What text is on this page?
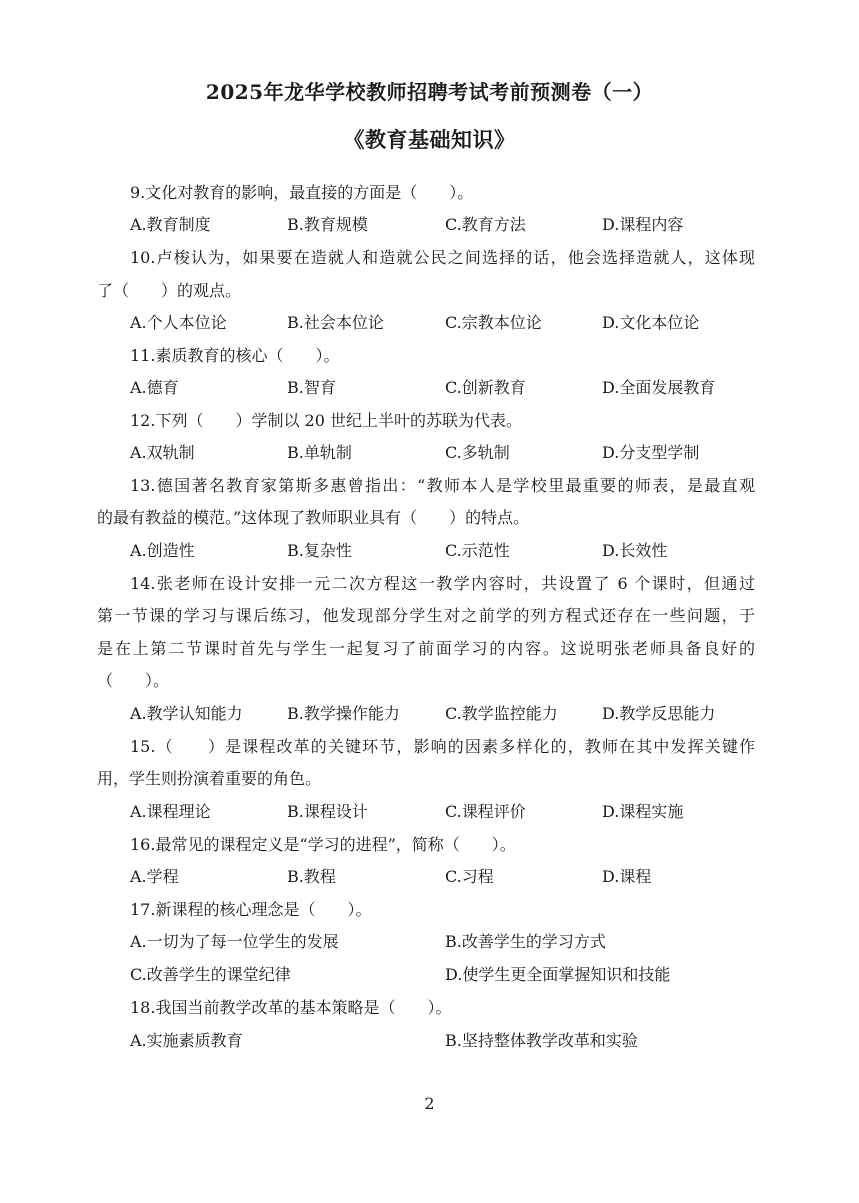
2025年龙华学校教师招聘考试考前预测卷（一）
《教育基础知识》
9.文化对教育的影响，最直接的方面是（　　）。
A.教育制度	B.教育规模	C.教育方法	D.课程内容
10.卢梭认为，如果要在造就人和造就公民之间选择的话，他会选择造就人，这体现
了（　　）的观点。
A.个人本位论	B.社会本位论	C.宗教本位论	D.文化本位论
11.素质教育的核心（　　）。
A.德育	B.智育	C.创新教育	D.全面发展教育
12.下列（　　）学制以 20 世纪上半叶的苏联为代表。
A.双轨制	B.单轨制	C.多轨制	D.分支型学制
13.德国著名教育家第斯多惠曾指出：“教师本人是学校里最重要的师表，是最直观
的最有教益的模范。”这体现了教师职业具有（　　）的特点。
A.创造性	B.复杂性	C.示范性	D.长效性
14.张老师在设计安排一元二次方程这一教学内容时，共设置了 6 个课时，但通过
第一节课的学习与课后练习，他发现部分学生对之前学的列方程式还存在一些问题，于
是在上第二节课时首先与学生一起复习了前面学习的内容。这说明张老师具备良好的
（　　）。
A.教学认知能力	B.教学操作能力	C.教学监控能力	D.教学反思能力
15.（　　）是课程改革的关键环节，影响的因素多样化的，教师在其中发挥关键作
用，学生则扮演着重要的角色。
A.课程理论	B.课程设计	C.课程评价	D.课程实施
16.最常见的课程定义是“学习的进程”，简称（　　）。
A.学程	B.教程	C.习程	D.课程
17.新课程的核心理念是（　　）。
A.一切为了每一位学生的发展	B.改善学生的学习方式
C.改善学生的课堂纪律	D.使学生更全面掌握知识和技能
18.我国当前教学改革的基本策略是（　　）。
A.实施素质教育	B.坚持整体教学改革和实验
2
